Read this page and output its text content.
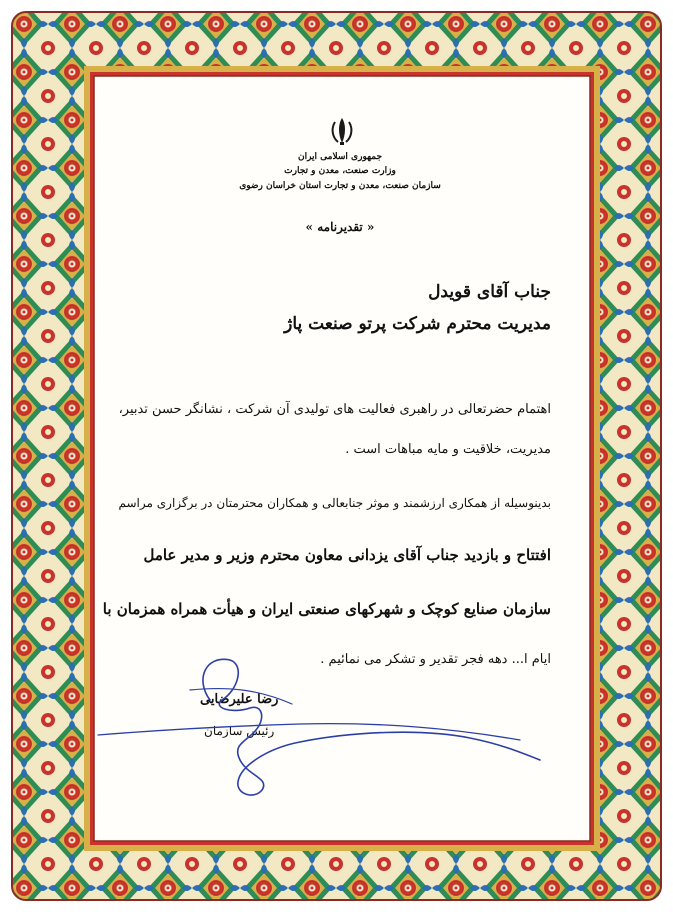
جمهوری اسلامی ایران
وزارت صنعت، معدن و تجارت
سازمان صنعت، معدن و تجارت استان خراسان رضوی
« تقدیرنامه »
جناب آقای قویدل
مدیریت محترم شرکت پرتو صنعت پاژ
اهتمام حضرتعالی در راهبری فعالیت های تولیدی آن شرکت ، نشانگر حسن تدبیر،
مدیریت، خلاقیت و مایه مباهات است .
بدینوسیله از همکاری ارزشمند و موثر جنابعالی و همکاران محترمتان در برگزاری مراسم
افتتاح و بازدید جناب آقای یزدانی معاون محترم وزیر و مدیر عامل
سازمان صنایع کوچک و شهرکهای صنعتی ایران و هیأت همراه همزمان با
ایام ا... دهه فجر تقدیر و تشکر می نمائیم .
رضا علیرضایی
رئیس سازمان
